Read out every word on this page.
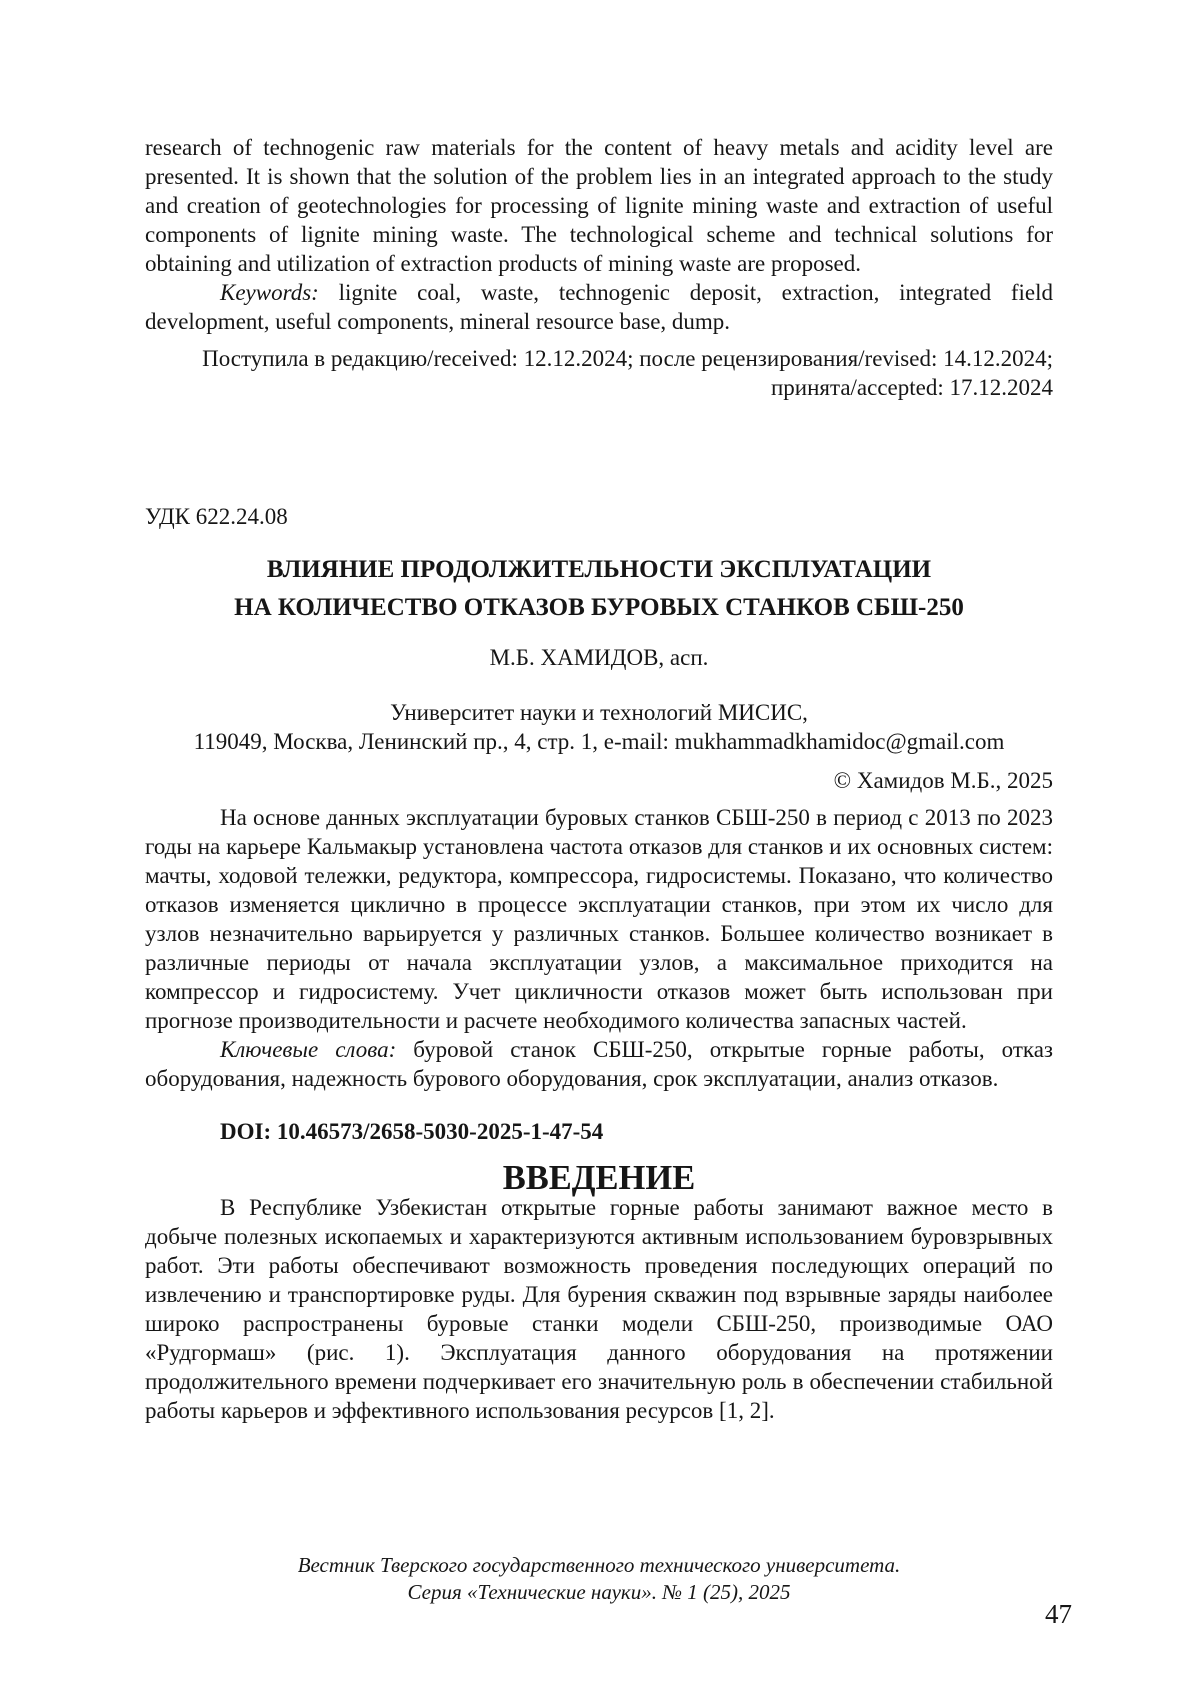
research of technogenic raw materials for the content of heavy metals and acidity level are presented. It is shown that the solution of the problem lies in an integrated approach to the study and creation of geotechnologies for processing of lignite mining waste and extraction of useful components of lignite mining waste. The technological scheme and technical solutions for obtaining and utilization of extraction products of mining waste are proposed.

Keywords: lignite coal, waste, technogenic deposit, extraction, integrated field development, useful components, mineral resource base, dump.

Поступила в редакцию/received: 12.12.2024; после рецензирования/revised: 14.12.2024;
принята/accepted: 17.12.2024
УДК 622.24.08
ВЛИЯНИЕ ПРОДОЛЖИТЕЛЬНОСТИ ЭКСПЛУАТАЦИИ
НА КОЛИЧЕСТВО ОТКАЗОВ БУРОВЫХ СТАНКОВ СБШ-250
М.Б. ХАМИДОВ, асп.
Университет науки и технологий МИСИС,
119049, Москва, Ленинский пр., 4, стр. 1, e-mail: mukhammadkhamidoc@gmail.com
© Хамидов М.Б., 2025

На основе данных эксплуатации буровых станков СБШ-250 в период с 2013 по 2023 годы на карьере Кальмакыр установлена частота отказов для станков и их основных систем: мачты, ходовой тележки, редуктора, компрессора, гидросистемы. Показано, что количество отказов изменяется циклично в процессе эксплуатации станков, при этом их число для узлов незначительно варьируется у различных станков. Большее количество возникает в различные периоды от начала эксплуатации узлов, а максимальное приходится на компрессор и гидросистему. Учет цикличности отказов может быть использован при прогнозе производительности и расчете необходимого количества запасных частей.

Ключевые слова: буровой станок СБШ-250, открытые горные работы, отказ оборудования, надежность бурового оборудования, срок эксплуатации, анализ отказов.

DOI: 10.46573/2658-5030-2025-1-47-54
ВВЕДЕНИЕ

В Республике Узбекистан открытые горные работы занимают важное место в добыче полезных ископаемых и характеризуются активным использованием буровзрывных работ. Эти работы обеспечивают возможность проведения последующих операций по извлечению и транспортировке руды. Для бурения скважин под взрывные заряды наиболее широко распространены буровые станки модели СБШ-250, производимые ОАО «Рудгормаш» (рис. 1). Эксплуатация данного оборудования на протяжении продолжительного времени подчеркивает его значительную роль в обеспечении стабильной работы карьеров и эффективного использования ресурсов [1, 2].

Вестник Тверского государственного технического университета.
Серия «Технические науки». № 1 (25), 2025
47
